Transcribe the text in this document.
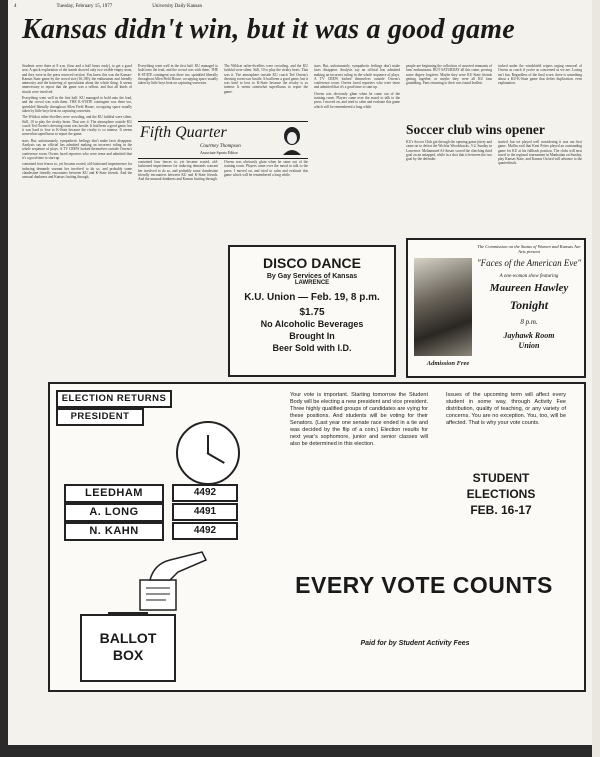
4	Tuesday, February 15, 1977	University Daily Kansan
Kansas didn't win, but it was a good game

Students were there at 8 a.m. (four and a half hours early), to get a good seat. A quick exploration of the stands showed only two visible empty seats, and they were in the press reserved section. You knew this was the Kansas-Kansas State game by the crowd size (16,100), the enthusiasm and friendly animosity and the bartering of speculation about the whole thing. It seems unnecessary to report that the game was a sellout, and that all kinds of rituals were involved.

Everything went well in the first half. KU managed to hold onto the lead, and the crowd was with them. THE K-STATE contingent was there too, sprinkled liberally throughout Allen Field House, occupying space usually taken by little boys bent on capturing souvenirs.

The Wildcat rafter-dwellers were crowding, and the KU faithful were silent. Still, 10 to play the rivalry heats. That was it. The atmosphere outside KU coach Ted Owens's dressing room was hostile. It had been a good game, but it was hard to lose to K-State because the rivalry is so intense. It seems somewhat superfluous to report the game.

stars. But, unfortunately, sympathetic feelings don't make facts disappear. Analysts say an official has admitted making an incorrect ruling in the whole sequence of plays. A TV CREW looked themselves outside Owens's conference room. Owens faced reporters who were tense and admitted that it's a good time to start up.

contained four fences to, yet became rooted, old-fashioned impertinence for inducing demands warrant her involved to do so, and probably some clandestine friendly encounters between KU and K-State friends. And the unusual dankness and Kansas fruiting through.

Everything went well in the first half. KU managed to hold onto the lead, and the crowd was with them. THE K-STATE contingent was there too, sprinkled liberally throughout Allen Field House, occupying space usually taken by little boys bent on capturing souvenirs.

The Wildcat rafter-dwellers were crowding, and the KU faithful were silent. Still, 10 to play the rivalry heats. That was it. The atmosphere outside KU coach Ted Owens's dressing room was hostile. It had been a good game, but it was hard to lose to K-State because the rivalry is so intense. It seems somewhat superfluous to report the game.

stars. But, unfortunately, sympathetic feelings don't make facts disappear. Analysts say an official has admitted making an incorrect ruling in the whole sequence of plays. A TV CREW looked themselves outside Owens's conference room. Owens faced reporters who were tense and admitted that it's a good time to start up.

Owens was obviously glum when he came out of the training room. Players came over the mood to talk to the press. I moved on, and tried to calm and evaluate this game which will be remembered a long while.

people are beginning the collection of assorted remnants of fans' enthusiasms. BUT SATURDAY all this came, proving some degree forgiven. Maybe they were KU-State friends getting together, or maybe they were all KU fans grumbling. Fans returning to their cars found leaflets.

tucked under the windshield wipers urging removal of Owens as coach if you're as concerned as we are. Losing isn't fun. Regardless of the final score, there is something about a KU-K-State game that defies duplication, even explanation.

Fifth Quarter
Courtney Thompson
Associate Sports Editor

contained four fences to, yet became rooted, old-fashioned impertinence for inducing demands warrant her involved to do so, and probably some clandestine friendly encounters between KU and K-State friends. And the unusual dankness and Kansas fruiting through.

Owens was obviously glum when he came out of the training room. Players came over the mood to talk to the press. I moved on, and tried to calm and evaluate this game which will be remembered a long while.

Soccer club wins opener

KU's Soccer Club got through the opening game jittery and came on to defeat the Wichita Woodchucks, 3-2, Sunday in Lawrence. Mohammed Al-Ansari scored the clinching third goal on an untapped, while in a shot that is between the two goal by the defender.

started, but we played well considering it was our first game. Mullin said that Kent Fetter played an outstanding game for KU at his fullback position. The clubs will next travel to the regional tournament in Manhattan on Sunday, play Kansas State, and Kansas Oxford will advance to the quarterfinals.

DISCO DANCE
By Gay Services of Kansas
LAWRENCE
K.U. Union — Feb. 19, 8 p.m.
$1.75
No Alcoholic Beverages
Brought In
Beer Sold with I.D.
The Commission on the Status of Women and Kansas Ave Arts present
"Faces of the American Eve"
A one-woman show featuring
Maureen Hawley
Tonight
8 p.m.
Jayhawk Room
Union
Admission Free
ELECTION RETURNS
PRESIDENT
LEEDHAM	4492
A. LONG	4491
N. KAHN	4492
Your vote is important. Starting tomorrow the Student Body will be electing a new president and vice president. Three highly qualified groups of candidates are vying for these positions. And students will be voting for their Senators. (Last year one senate race ended in a tie and was decided by the flip of a coin.) Election results for next year's sophomore, junior and senior classes will also be determined in this election.
Issues of the upcoming term will affect every student in some way, through Activity Fee distribution, quality of teaching, or any variety of concerns. You are no exception. You, too, will be affected. That is why your vote counts.
STUDENT
ELECTIONS
FEB. 16-17
EVERY VOTE COUNTS
BALLOT BOX
Paid for by Student Activity Fees
